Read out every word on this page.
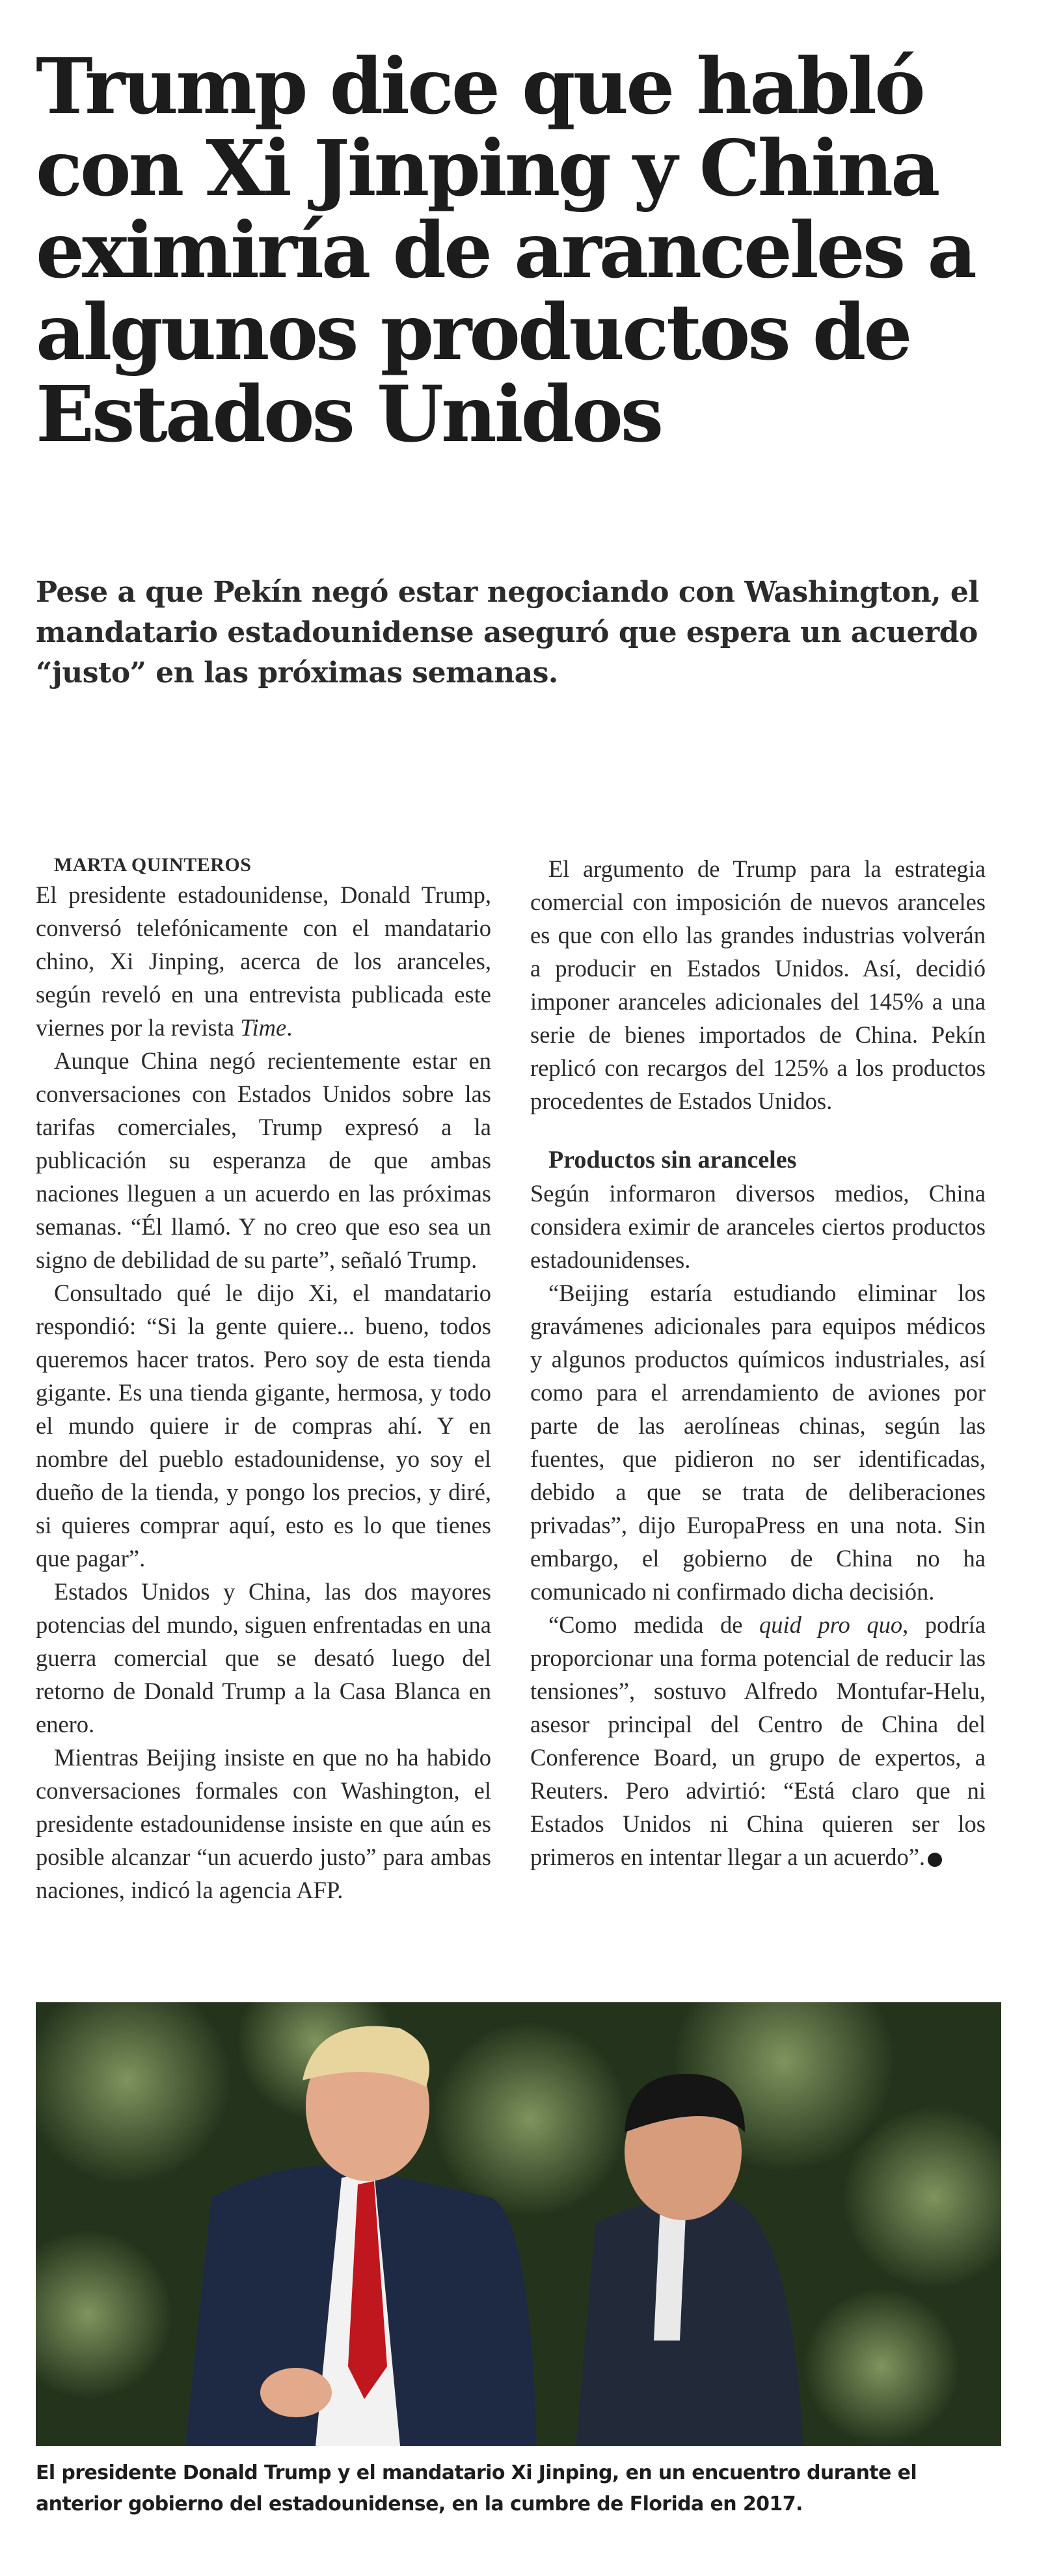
Trump dice que habló con Xi Jinping y China eximiría de aranceles a algunos productos de Estados Unidos

Pese a que Pekín negó estar negociando con Washington, el mandatario estadounidense aseguró que espera un acuerdo “justo” en las próximas semanas.

MARTA QUINTEROS

El presidente estadounidense, Donald Trump, conversó telefónicamente con el mandatario chino, Xi Jinping, acerca de los aranceles, según reveló en una entrevista publicada este viernes por la revista Time.

Aunque China negó recientemente estar en conversaciones con Estados Unidos sobre las tarifas comerciales, Trump expresó a la publicación su esperanza de que ambas naciones lleguen a un acuerdo en las próximas semanas. “Él llamó. Y no creo que eso sea un signo de debilidad de su parte”, señaló Trump.

Consultado qué le dijo Xi, el mandatario respondió: “Si la gente quiere... bueno, todos queremos hacer tratos. Pero soy de esta tienda gigante. Es una tienda gigante, hermosa, y todo el mundo quiere ir de compras ahí. Y en nombre del pueblo estadounidense, yo soy el dueño de la tienda, y pongo los precios, y diré, si quieres comprar aquí, esto es lo que tienes que pagar”.

Estados Unidos y China, las dos mayores potencias del mundo, siguen enfrentadas en una guerra comercial que se desató luego del retorno de Donald Trump a la Casa Blanca en enero.

Mientras Beijing insiste en que no ha habido conversaciones formales con Washington, el presidente estadounidense insiste en que aún es posible alcanzar “un acuerdo justo” para ambas naciones, indicó la agencia AFP.

El argumento de Trump para la estrategia comercial con imposición de nuevos aranceles es que con ello las grandes industrias volverán a producir en Estados Unidos. Así, decidió imponer aranceles adicionales del 145% a una serie de bienes importados de China. Pekín replicó con recargos del 125% a los productos procedentes de Estados Unidos.

Productos sin aranceles

Según informaron diversos medios, China considera eximir de aranceles ciertos productos estadounidenses.

“Beijing estaría estudiando eliminar los gravámenes adicionales para equipos médicos y algunos productos químicos industriales, así como para el arrendamiento de aviones por parte de las aerolíneas chinas, según las fuentes, que pidieron no ser identificadas, debido a que se trata de deliberaciones privadas”, dijo EuropaPress en una nota. Sin embargo, el gobierno de China no ha comunicado ni confirmado dicha decisión.

“Como medida de quid pro quo, podría proporcionar una forma potencial de reducir las tensiones”, sostuvo Alfredo Montufar-Helu, asesor principal del Centro de China del Conference Board, un grupo de expertos, a Reuters. Pero advirtió: “Está claro que ni Estados Unidos ni China quieren ser los primeros en intentar llegar a un acuerdo”. P

El presidente Donald Trump y el mandatario Xi Jinping, en un encuentro durante el anterior gobierno del estadounidense, en la cumbre de Florida en 2017.
